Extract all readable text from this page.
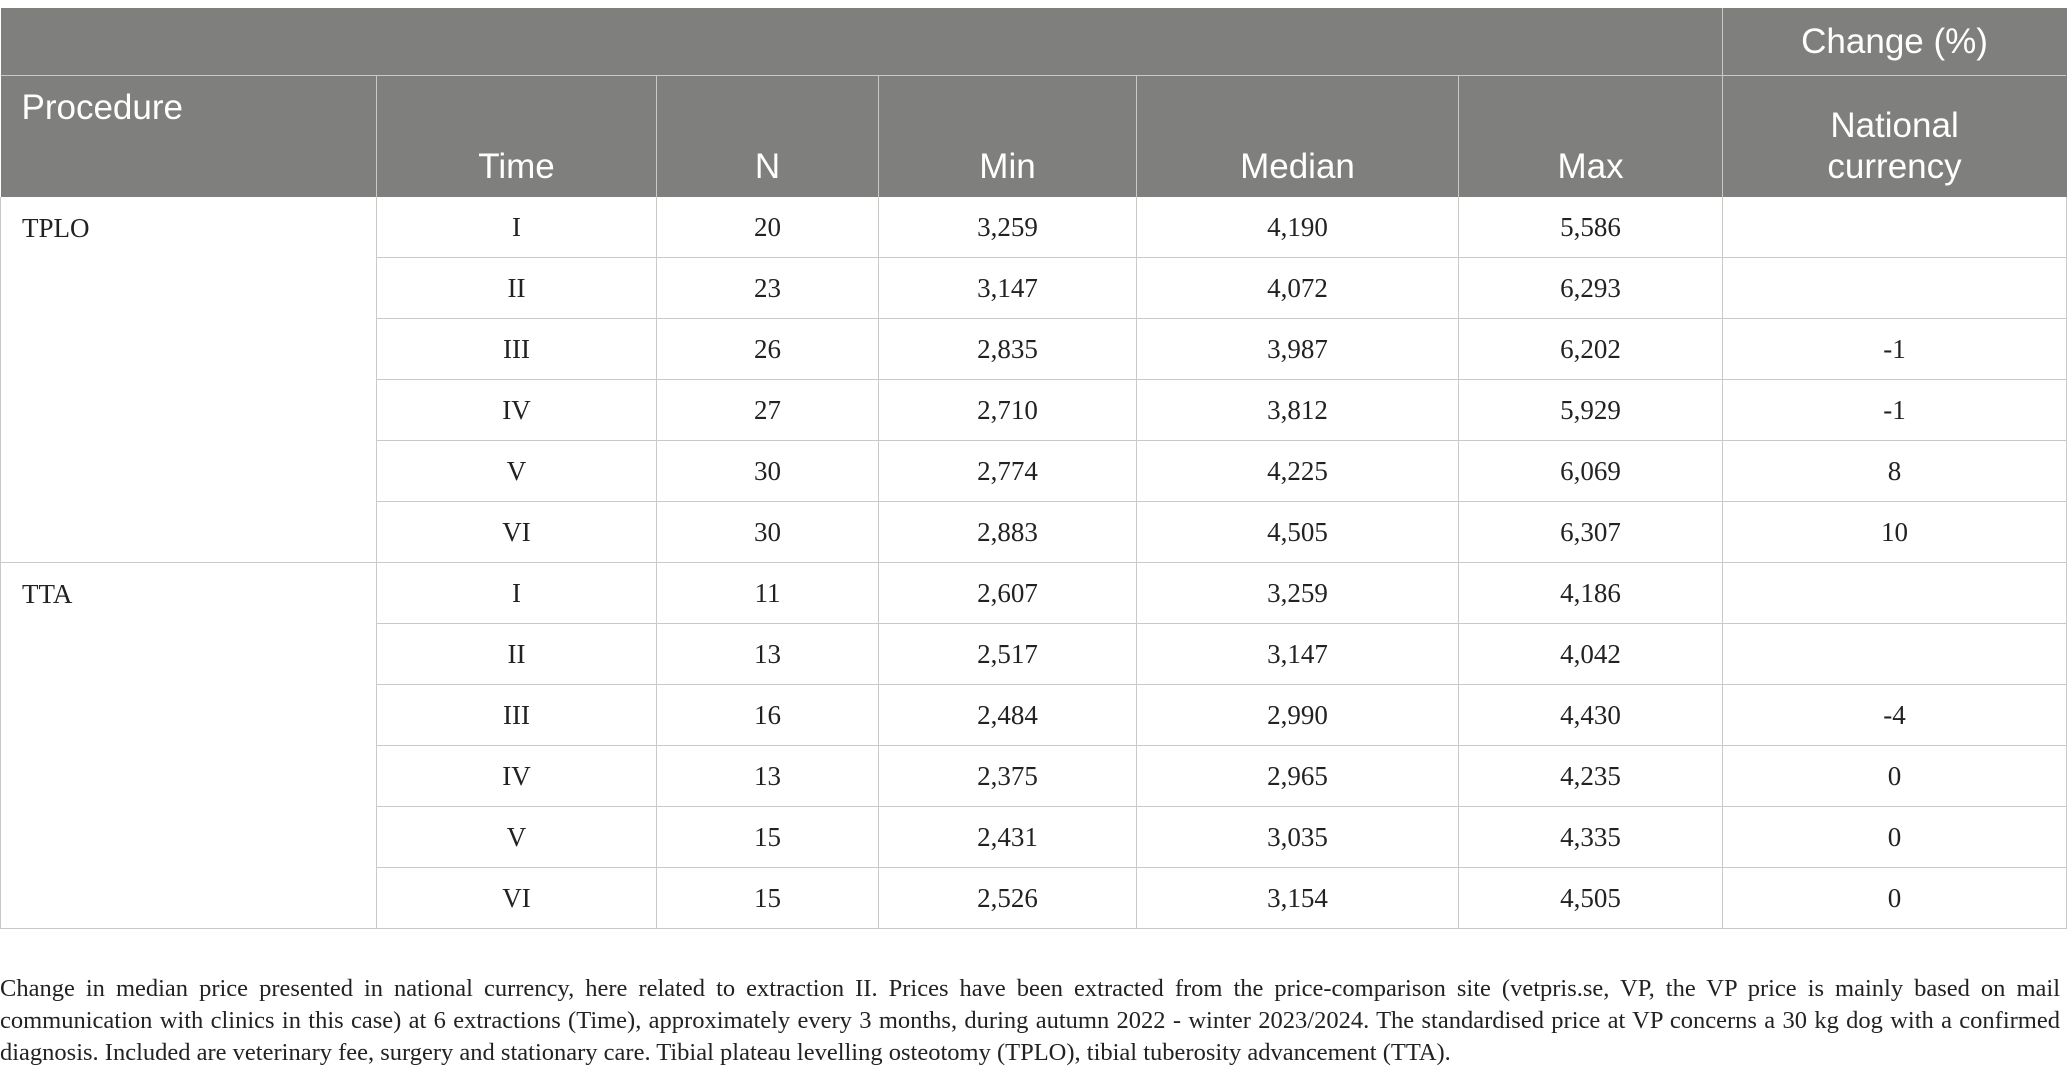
						Change (%)
Procedure	Time	N	Min	Median	Max	National
currency
TPLO	I	20	3,259	4,190	5,586	
	II	23	3,147	4,072	6,293	
	III	26	2,835	3,987	6,202	-1
	IV	27	2,710	3,812	5,929	-1
	V	30	2,774	4,225	6,069	8
	VI	30	2,883	4,505	6,307	10
TTA	I	11	2,607	3,259	4,186	
	II	13	2,517	3,147	4,042	
	III	16	2,484	2,990	4,430	-4
	IV	13	2,375	2,965	4,235	0
	V	15	2,431	3,035	4,335	0
	VI	15	2,526	3,154	4,505	0
Change in median price presented in national currency, here related to extraction II. Prices have been extracted from the price-comparison site (vetpris.se, VP, the VP price is mainly based on mail communication with clinics in this case) at 6 extractions (Time), approximately every 3 months, during autumn 2022 - winter 2023/2024. The standardised price at VP concerns a 30 kg dog with a confirmed diagnosis. Included are veterinary fee, surgery and stationary care. Tibial plateau levelling osteotomy (TPLO), tibial tuberosity advancement (TTA).
